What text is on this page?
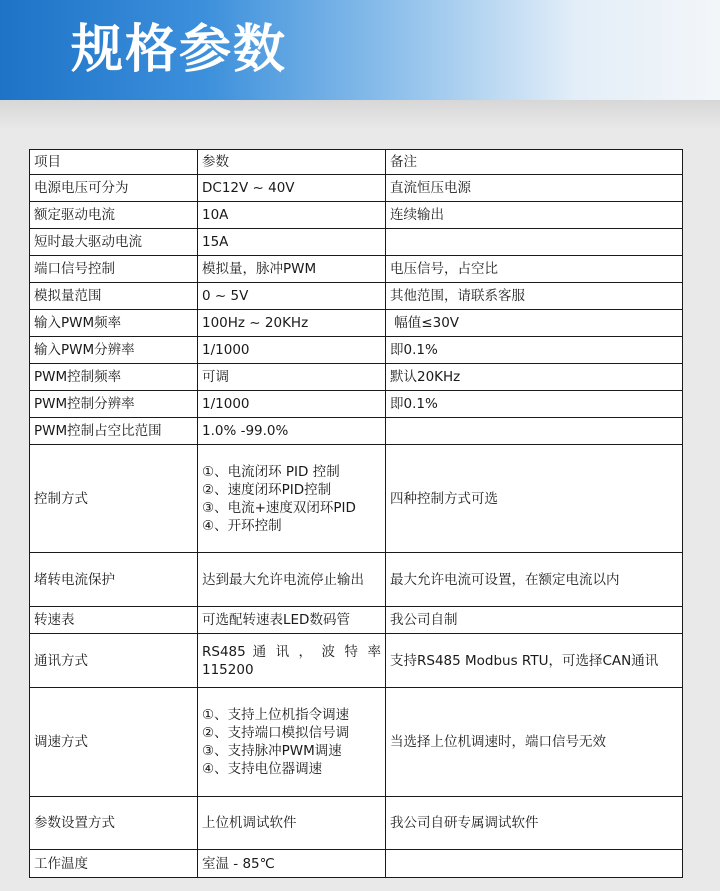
规格参数
项目	参数	备注
电源电压可分为	DC12V ~ 40V	直流恒压电源
额定驱动电流	10A	连续输出
短时最大驱动电流	15A	
端口信号控制	模拟量，脉冲PWM	电压信号，占空比
模拟量范围	0 ~ 5V	其他范围，请联系客服
输入PWM频率	100Hz ~ 20KHz	幅值≤30V
输入PWM分辨率	1/1000	即0.1%
PWM控制频率	可调	默认20KHz
PWM控制分辨率	1/1000	即0.1%
PWM控制占空比范围	1.0% -99.0%	
控制方式	①、电流闭环 PID 控制
②、速度闭环PID控制
③、电流+速度双闭环PID
④、开环控制	四种控制方式可选
堵转电流保护	达到最大允许电流停止输出	最大允许电流可设置，在额定电流以内
转速表	可选配转速表LED数码管	我公司自制
通讯方式	RS485 通 讯 ， 波 特 率 115200	支持RS485 Modbus RTU，可选择CAN通讯
调速方式	①、支持上位机指令调速
②、支持端口模拟信号调
③、支持脉冲PWM调速
④、支持电位器调速	当选择上位机调速时，端口信号无效
参数设置方式	上位机调试软件	我公司自研专属调试软件
工作温度	室温 - 85℃	
